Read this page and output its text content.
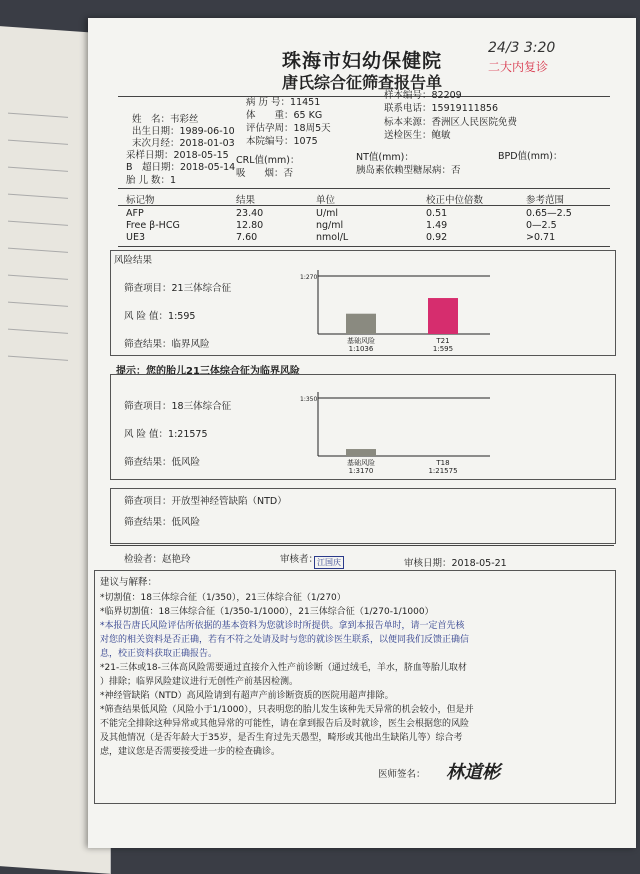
珠海市妇幼保健院
唐氏综合征筛查报告单
24/3 3:20
二大内复诊
姓　名：韦彩丝
出生日期：1989-06-10
末次月经：2018-01-03
采样日期：2018-05-15
B　超日期：2018-05-14
胎 儿 数：1
病 历 号：11451
体　　重：65 KG
评估孕周：18周5天
本院编号：1075
CRL值(mm)：
吸　　烟：否
样本编号：82209
联系电话：15919111856
标本来源：香洲区人民医院免费
送检医生：鲍敏
NT值(mm)：
胰岛素依赖型糖尿病：否
BPD值(mm)：
标记物	结果	单位	校正中位倍数	参考范围
AFP	23.40	U/ml	0.51	0.65—2.5
Free β-HCG	12.80	ng/ml	1.49	0—2.5
UE3	7.60	nmol/L	0.92	>0.71
风险结果
筛查项目：21三体综合征
风 险 值：1:595
筛查结果：临界风险
1:270
基础风险
1:1036
T21
1:595
提示：您的胎儿21三体综合征为临界风险
筛查项目：18三体综合征
风 险 值：1:21575
筛查结果：低风险
1:350
基础风险
1:3170
T18
1:21575
筛查项目：开放型神经管缺陷（NTD）
筛查结果：低风险
检验者：赵艳玲	审核者：
江国庆	审核日期：2018-05-21
建议与解释：
*切割值：18三体综合征（1/350），21三体综合征（1/270）
*临界切割值：18三体综合征（1/350-1/1000），21三体综合征（1/270-1/1000）
*本报告唐氏风险评估所依据的基本资料为您就诊时所提供。拿到本报告单时，请一定首先核
对您的相关资料是否正确，若有不符之处请及时与您的就诊医生联系，以便同我们反馈正确信
息，校正资料获取正确报告。
*21-三体或18-三体高风险需要通过直接介入性产前诊断（通过绒毛，羊水，脐血等胎儿取材
）排除；临界风险建议进行无创性产前基因检测。
*神经管缺陷（NTD）高风险请到有超声产前诊断资质的医院用超声排除。
*筛查结果低风险（风险小于1/1000），只表明您的胎儿发生该种先天异常的机会较小，但是并
不能完全排除这种异常或其他异常的可能性，请在拿到报告后及时就诊，医生会根据您的风险
及其他情况（是否年龄大于35岁，是否生育过先天愚型，畸形或其他出生缺陷儿等）综合考
虑，建议您是否需要接受进一步的检查确诊。
医师签名： 林道彬
